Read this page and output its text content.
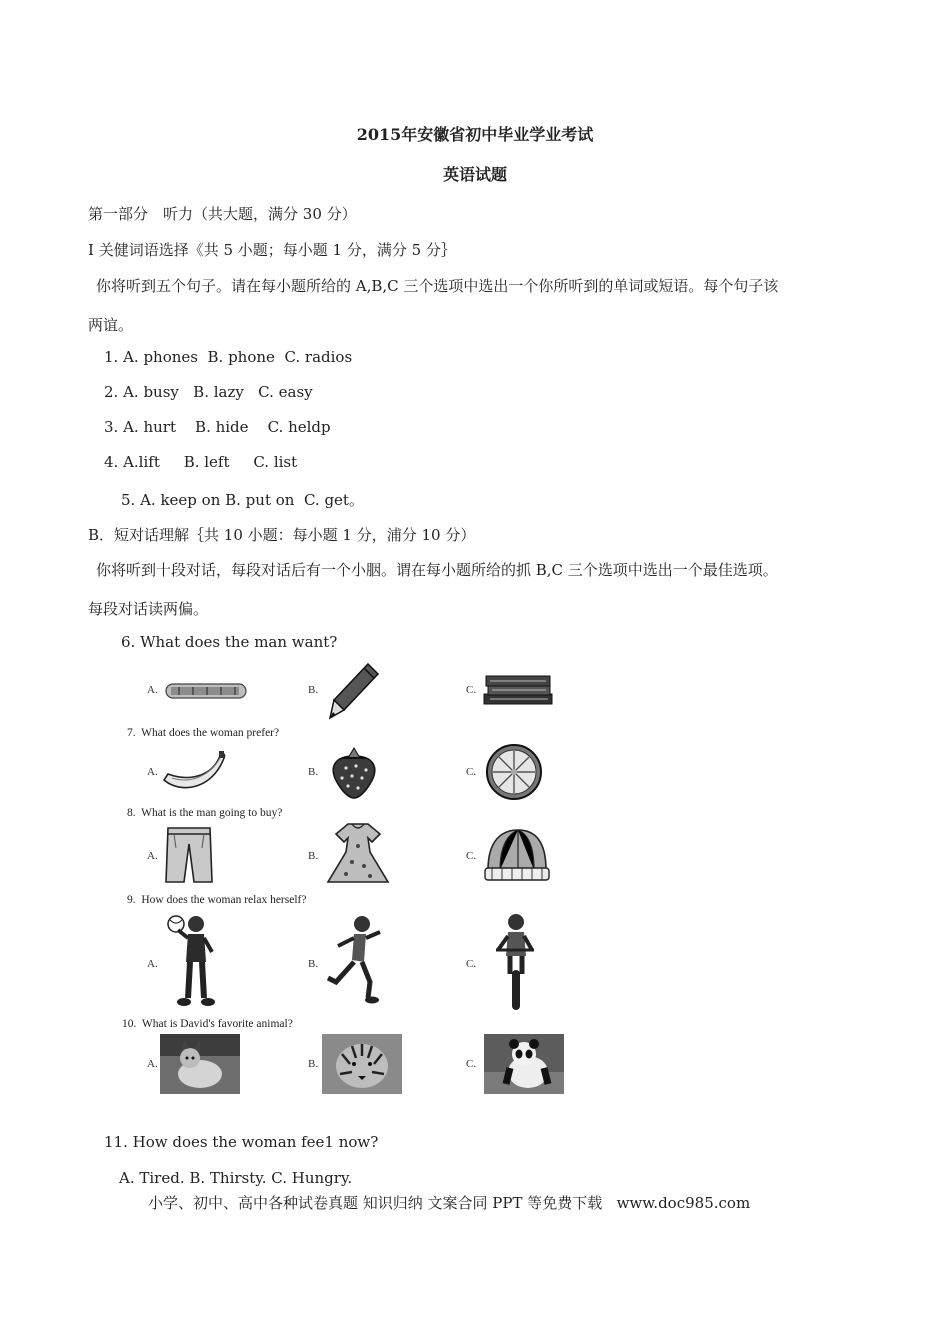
2015年安徽省初中毕业学业考试
英语试题
第一部分　听力（共大题，满分 30 分）
I 关健词语选择《共 5 小题；每小题 1 分，满分 5 分｝
你将听到五个句子。请在每小题所给的 A,B,C 三个选项中选出一个你所听到的单词或短语。每个句子该
两谊。
1. A. phones  B. phone  C. radios
2. A. busy   B. lazy   C. easy
3. A. hurt    B. hide    C. heldp
4. A.lift     B. left     C. list
5. A. keep on B. put on  C. get。
B．短对话理解｛共 10 小题：每小题 1 分，浦分 10 分）
你将听到十段对话，每段对话后有一个小胭。谓在每小题所给的抓 B,C 三个选项中选出一个最佳选项。
每段对话读两偏。
6. What does the man want?
A.	B.	C.
7.  What does the woman prefer?
A.	B.	C.
8.  What is the man going to buy?
A.	B.	C.
9.  How does the woman relax herself?
A.	B.	C.
10.  What is David's favorite animal?
A.	B.	C.
11. How does the woman fee1 now?
A. Tired. B. Thirsty. C. Hungry.
小学、初中、高中各种试卷真题 知识归纳 文案合同 PPT 等免费下载   www.doc985.com
